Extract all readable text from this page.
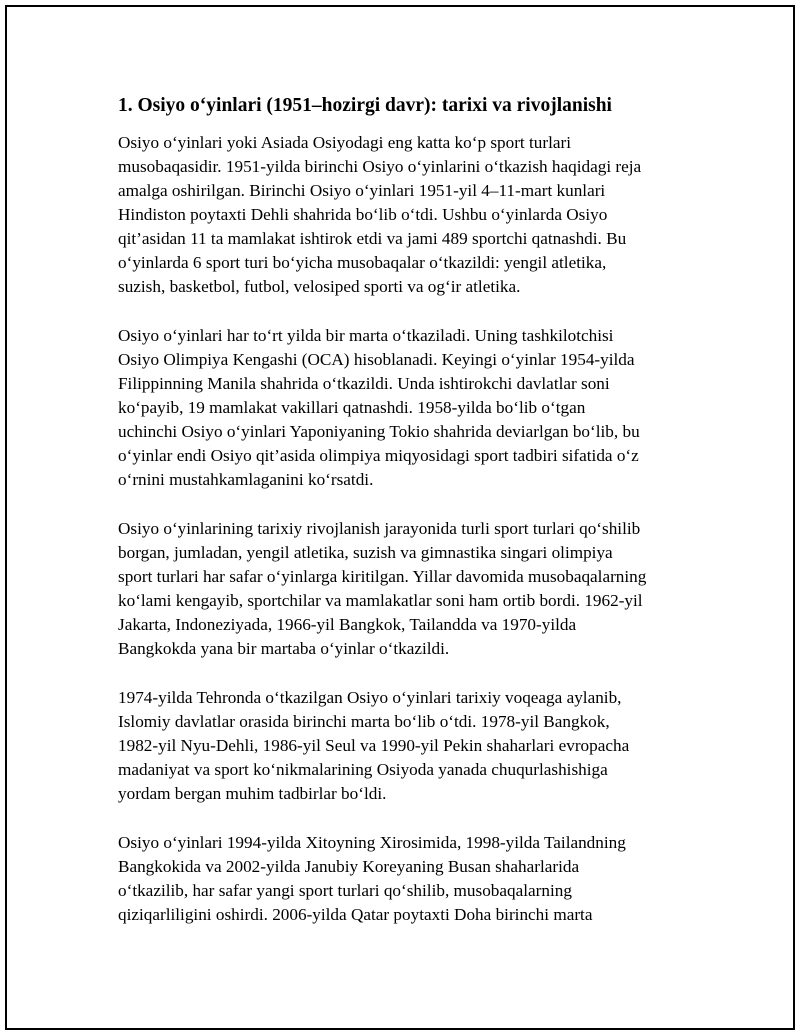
1. Osiyo o‘yinlari (1951–hozirgi davr): tarixi va rivojlanishi

Osiyo o‘yinlari yoki Asiada Osiyodagi eng katta ko‘p sport turlari
musobaqasidir. 1951-yilda birinchi Osiyo o‘yinlarini o‘tkazish haqidagi reja
amalga oshirilgan. Birinchi Osiyo o‘yinlari 1951-yil 4–11-mart kunlari
Hindiston poytaxti Dehli shahrida bo‘lib o‘tdi. Ushbu o‘yinlarda Osiyo
qit’asidan 11 ta mamlakat ishtirok etdi va jami 489 sportchi qatnashdi. Bu
o‘yinlarda 6 sport turi bo‘yicha musobaqalar o‘tkazildi: yengil atletika,
suzish, basketbol, futbol, velosiped sporti va og‘ir atletika.

Osiyo o‘yinlari har to‘rt yilda bir marta o‘tkaziladi. Uning tashkilotchisi
Osiyo Olimpiya Kengashi (OCA) hisoblanadi. Keyingi o‘yinlar 1954-yilda
Filippinning Manila shahrida o‘tkazildi. Unda ishtirokchi davlatlar soni
ko‘payib, 19 mamlakat vakillari qatnashdi. 1958-yilda bo‘lib o‘tgan
uchinchi Osiyo o‘yinlari Yaponiyaning Tokio shahrida deviarlgan bo‘lib, bu
o‘yinlar endi Osiyo qit’asida olimpiya miqyosidagi sport tadbiri sifatida o‘z
o‘rnini mustahkamlaganini ko‘rsatdi.

Osiyo o‘yinlarining tarixiy rivojlanish jarayonida turli sport turlari qo‘shilib
borgan, jumladan, yengil atletika, suzish va gimnastika singari olimpiya
sport turlari har safar o‘yinlarga kiritilgan. Yillar davomida musobaqalarning
ko‘lami kengayib, sportchilar va mamlakatlar soni ham ortib bordi. 1962-yil
Jakarta, Indoneziyada, 1966-yil Bangkok, Tailandda va 1970-yilda
Bangkokda yana bir martaba o‘yinlar o‘tkazildi.

1974-yilda Tehronda o‘tkazilgan Osiyo o‘yinlari tarixiy voqeaga aylanib,
Islomiy davlatlar orasida birinchi marta bo‘lib o‘tdi. 1978-yil Bangkok,
1982-yil Nyu-Dehli, 1986-yil Seul va 1990-yil Pekin shaharlari evropacha
madaniyat va sport ko‘nikmalarining Osiyoda yanada chuqurlashishiga
yordam bergan muhim tadbirlar bo‘ldi.

Osiyo o‘yinlari 1994-yilda Xitoyning Xirosimida, 1998-yilda Tailandning
Bangkokida va 2002-yilda Janubiy Koreyaning Busan shaharlarida
o‘tkazilib, har safar yangi sport turlari qo‘shilib, musobaqalarning
qiziqarliligini oshirdi. 2006-yilda Qatar poytaxti Doha birinchi marta
